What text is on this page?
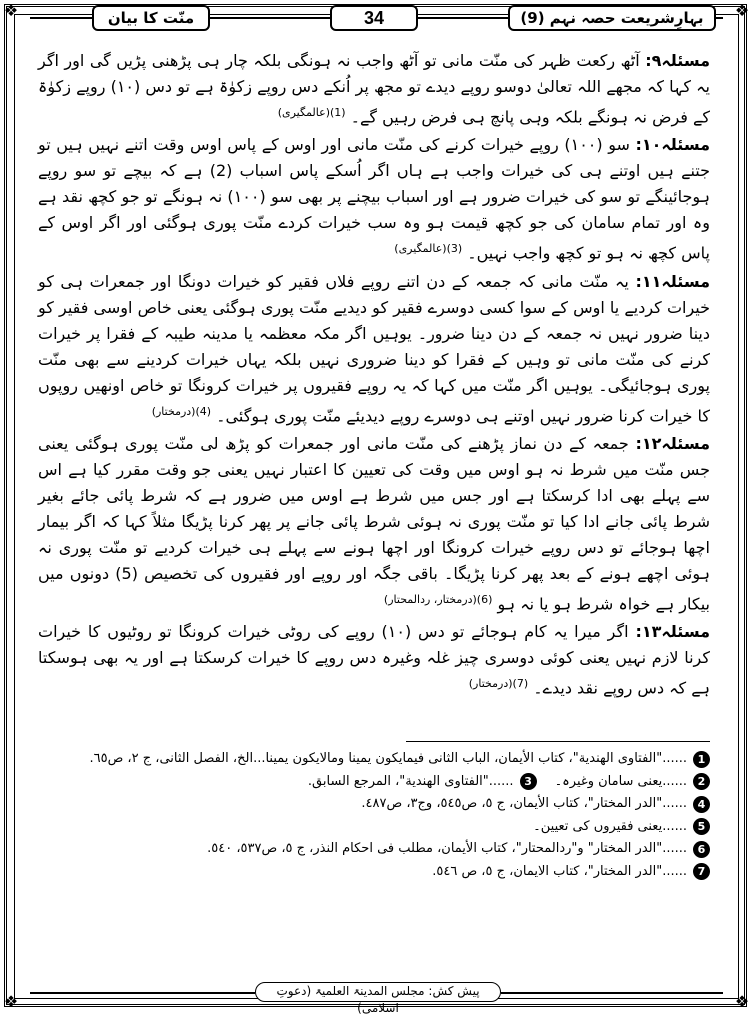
❖	❖
❖	❖
منّت کا بیان	34	بہارِشریعت حصہ نہم (9)

مسئلہ۹: آٹھ رکعت ظہر کی منّت مانی تو آٹھ واجب نہ ہونگی بلکہ چار ہی پڑھنی پڑیں گی اور اگر یہ کہا کہ مجھے اللہ تعالیٰ دوسو روپے دیدے تو مجھ پر اُنکے دس روپے زکوٰۃ ہے تو دس (۱۰) روپے زکوٰۃ کے فرض نہ ہونگے بلکہ وہی پانچ ہی فرض رہیں گے۔ $^{(1)(عالمگیری)}$

مسئلہ۱۰: سو (۱۰۰) روپے خیرات کرنے کی منّت مانی اور اوس کے پاس اوس وقت اتنے نہیں ہیں تو جتنے ہیں اوتنے ہی کی خیرات واجب ہے ہاں اگر اُسکے پاس اسباب (2) ہے کہ بیچے تو سو روپے ہوجائینگے تو سو کی خیرات ضرور ہے اور اسباب بیچنے پر بھی سو (۱۰۰) نہ ہونگے تو جو کچھ نقد ہے وہ اور تمام سامان کی جو کچھ قیمت ہو وہ سب خیرات کردے منّت پوری ہوگئی اور اگر اوس کے پاس کچھ نہ ہو تو کچھ واجب نہیں۔ $^{(3)(عالمگیری)}$

مسئلہ۱۱: یہ منّت مانی کہ جمعہ کے دن اتنے روپے فلاں فقیر کو خیرات دونگا اور جمعرات ہی کو خیرات کردیے یا اوس کے سوا کسی دوسرے فقیر کو دیدیے منّت پوری ہوگئی یعنی خاص اوسی فقیر کو دینا ضرور نہیں نہ جمعہ کے دن دینا ضرور۔ یوہیں اگر مکہ معظمہ یا مدینہ طیبہ کے فقرا پر خیرات کرنے کی منّت مانی تو وہیں کے فقرا کو دینا ضروری نہیں بلکہ یہاں خیرات کردینے سے بھی منّت پوری ہوجائیگی۔ یوہیں اگر منّت میں کہا کہ یہ روپے فقیروں پر خیرات کرونگا تو خاص اونھیں روپوں کا خیرات کرنا ضرور نہیں اوتنے ہی دوسرے روپے دیدیئے منّت پوری ہوگئی۔ $^{(4)(درمختار)}$

مسئلہ۱۲: جمعہ کے دن نماز پڑھنے کی منّت مانی اور جمعرات کو پڑھ لی منّت پوری ہوگئی یعنی جس منّت میں شرط نہ ہو اوس میں وقت کی تعیین کا اعتبار نہیں یعنی جو وقت مقرر کیا ہے اس سے پہلے بھی ادا کرسکتا ہے اور جس میں شرط ہے اوس میں ضرور ہے کہ شرط پائی جائے بغیر شرط پائی جانے ادا کیا تو منّت پوری نہ ہوئی شرط پائی جانے پر پھر کرنا پڑیگا مثلاً کہا کہ اگر بیمار اچھا ہوجائے تو دس روپے خیرات کرونگا اور اچھا ہونے سے پہلے ہی خیرات کردیے تو منّت پوری نہ ہوئی اچھے ہونے کے بعد پھر کرنا پڑیگا۔ باقی جگہ اور روپے اور فقیروں کی تخصیص (5) دونوں میں بیکار ہے خواہ شرط ہو یا نہ ہو $^{(6)(درمختار، ردالمحتار)}$

مسئلہ۱۳: اگر میرا یہ کام ہوجائے تو دس (۱۰) روپے کی روٹی خیرات کرونگا تو روٹیوں کا خیرات کرنا لازم نہیں یعنی کوئی دوسری چیز غلہ وغیرہ دس روپے کا خیرات کرسکتا ہے اور یہ بھی ہوسکتا ہے کہ دس روپے نقد دیدے۔ $^{(7)(درمختار)}$

1
......"الفتاوى الهندية"، كتاب الأيمان، الباب الثانى فيمايكون يمينا ومالايكون يمينا...الخ، الفصل الثانى، ج ٢، ص٦٥.
2
......یعنی سامان وغیرہ۔
3
......"الفتاوى الهندية"، المرجع السابق.
4
......"الدر المختار"، كتاب الأيمان، ج ٥، ص٥٤٥، وج٣، ص٤٨٧.
5
......یعنی فقیروں کی تعیین۔
6
......"الدر المختار" و"ردالمحتار"، كتاب الأيمان، مطلب فى احكام النذر، ج ٥، ص٥٣٧، ٥٤٠.
7
......"الدر المختار"، كتاب الايمان، ج ٥، ص ٥٤٦.
پیش کش: مجلس المدینۃ العلمیۃ (دعوتِ اسلامی)
